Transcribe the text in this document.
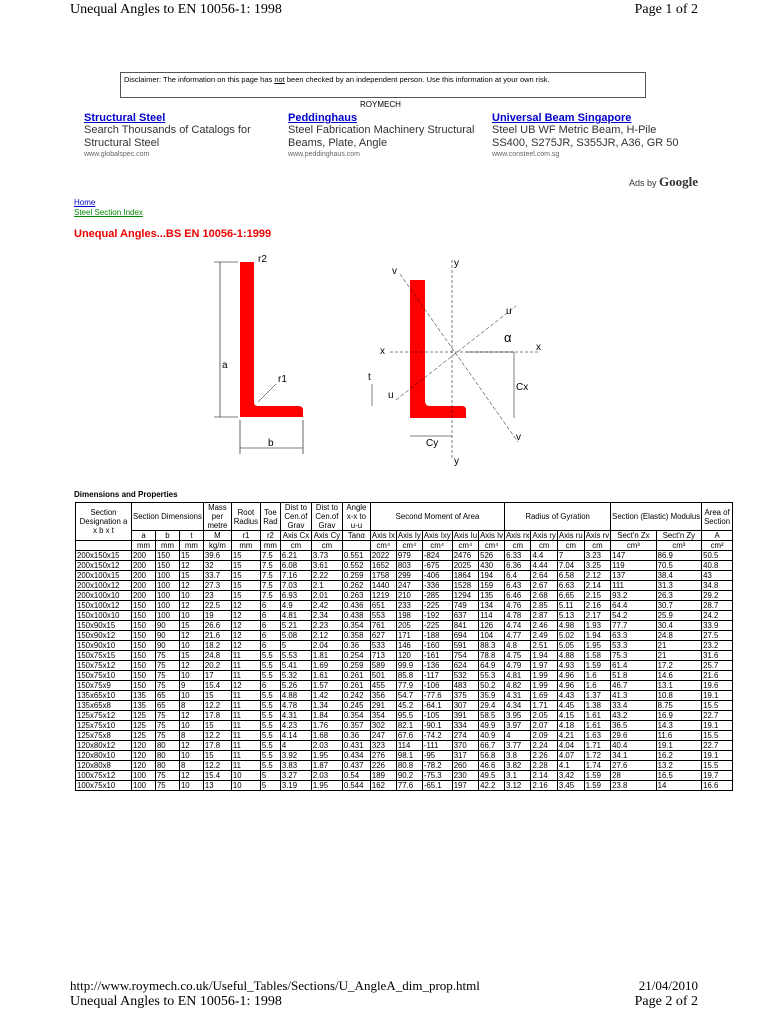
Unequal Angles to EN 10056-1: 1998	Page 1 of 2
Disclaimer: The information on this page has not been checked by an independent person. Use this information at your own risk.
ROYMECH
Structural Steel
Search Thousands of Catalogs for Structural Steel
www.globalspec.com
Peddinghaus
Steel Fabrication Machinery Structural Beams, Plate, Angle
www.peddinghaus.com
Universal Beam Singapore
Steel UB WF Metric Beam, H-Pile SS400, S275JR, S355JR, A36, GR 50
www.consteel.com.sg
Ads by Google
Home
Steel Section Index
Unequal Angles...BS EN 10056-1:1999
a
b
r2
r1	t
y
y
x	x
v
v
u
u
α
Cx
Cy
Dimensions and Properties
Section Designation a x b x t	Section Dimensions			Mass per metre	Root Radius	Toe Rad	Dist to Cen.of Grav	Dist to Cen.of Grav	Angle x-x to u-u	Second Moment of Area					Radius of Gyration				Section (Elastic) Modulus		Area of Section
	a	b	t	M	r1	r2	Axis Cx	Axis Cy	Tanα	Axis Ix	Axis Iy	Axis Ixy	Axis Iu	Axis Iv	Axis rx	Axis ry	Axis ru	Axis rv	Sect'n Zx	Sect'n Zy	A
	mm	mm	mm	kg/m	mm	mm	cm	cm		cm⁴	cm⁴	cm⁴	cm⁴	cm⁴	cm	cm	cm	cm	cm³	cm³	cm²
200x150x15	200	150	15	39.6	15	7.5	6.21	3.73	0.551	2022	979	-824	2476	526	6.33	4.4	7	3.23	147	86.9	50.5
200x150x12	200	150	12	32	15	7.5	6.08	3.61	0.552	1652	803	-675	2025	430	6.36	4.44	7.04	3.25	119	70.5	40.8
200x100x15	200	100	15	33.7	15	7.5	7.16	2.22	0.259	1758	299	-406	1864	194	6.4	2.64	6.58	2.12	137	38.4	43
200x100x12	200	100	12	27.3	15	7.5	7.03	2.1	0.262	1440	247	-336	1528	159	6.43	2.67	6.63	2.14	111	31.3	34.8
200x100x10	200	100	10	23	15	7.5	6.93	2.01	0.263	1219	210	-285	1294	135	6.46	2.68	6.65	2.15	93.2	26.3	29.2
150x100x12	150	100	12	22.5	12	6	4.9	2.42	0.436	651	233	-225	749	134	4.76	2.85	5.11	2.16	64.4	30.7	28.7
150x100x10	150	100	10	19	12	6	4.81	2.34	0.438	553	198	-192	637	114	4.78	2.87	5.13	2.17	54.2	25.9	24.2
150x90x15	150	90	15	26.6	12	6	5.21	2.23	0.354	761	205	-225	841	126	4.74	2.46	4.98	1.93	77.7	30.4	33.9
150x90x12	150	90	12	21.6	12	6	5.08	2.12	0.358	627	171	-188	694	104	4.77	2.49	5.02	1.94	63.3	24.8	27.5
150x90x10	150	90	10	18.2	12	6	5	2.04	0.36	533	146	-160	591	88.3	4.8	2.51	5.05	1.95	53.3	21	23.2
150x75x15	150	75	15	24.8	11	5.5	5.53	1.81	0.254	713	120	-161	754	78.8	4.75	1.94	4.88	1.58	75.3	21	31.6
150x75x12	150	75	12	20.2	11	5.5	5.41	1.69	0.259	589	99.9	-136	624	64.9	4.79	1.97	4.93	1.59	61.4	17.2	25.7
150x75x10	150	75	10	17	11	5.5	5.32	1.61	0.261	501	85.8	-117	532	55.3	4.81	1.99	4.96	1.6	51.8	14.6	21.6
150x75x9	150	75	9	15.4	12	6	5.26	1.57	0.261	455	77.9	-106	483	50.2	4.82	1.99	4.96	1.6	46.7	13.1	19.6
135x65x10	135	65	10	15	11	5.5	4.88	1.42	0.242	356	54.7	-77.6	375	35.9	4.31	1.69	4.43	1.37	41.3	10.8	19.1
135x65x8	135	65	8	12.2	11	5.5	4.78	1.34	0.245	291	45.2	-64.1	307	29.4	4.34	1.71	4.45	1.38	33.4	8.75	15.5
125x75x12	125	75	12	17.8	11	5.5	4.31	1.84	0.354	354	95.5	-105	391	58.5	3.95	2.05	4.15	1.61	43.2	16.9	22.7
125x75x10	125	75	10	15	11	5.5	4.23	1.76	0.357	302	82.1	-90.1	334	49.9	3.97	2.07	4.18	1.61	36.5	14.3	19.1
125x75x8	125	75	8	12.2	11	5.5	4.14	1.68	0.36	247	67.6	-74.2	274	40.9	4	2.09	4.21	1.63	29.6	11.6	15.5
120x80x12	120	80	12	17.8	11	5.5	4	2.03	0.431	323	114	-111	370	66.7	3.77	2.24	4.04	1.71	40.4	19.1	22.7
120x80x10	120	80	10	15	11	5.5	3.92	1.95	0.434	276	98.1	-95	317	56.8	3.8	2.26	4.07	1.72	34.1	16.2	19.1
120x80x8	120	80	8	12.2	11	5.5	3.83	1.87	0.437	226	80.8	-78.2	260	46.6	3.82	2.28	4.1	1.74	27.6	13.2	15.5
100x75x12	100	75	12	15.4	10	5	3.27	2.03	0.54	189	90.2	-75.3	230	49.5	3.1	2.14	3.42	1.59	28	16.5	19.7
100x75x10	100	75	10	13	10	5	3.19	1.95	0.544	162	77.6	-65.1	197	42.2	3.12	2.16	3.45	1.59	23.8	14	16.6
http://www.roymech.co.uk/Useful_Tables/Sections/U_AngleA_dim_prop.html	21/04/2010
Unequal Angles to EN 10056-1: 1998	Page 2 of 2
